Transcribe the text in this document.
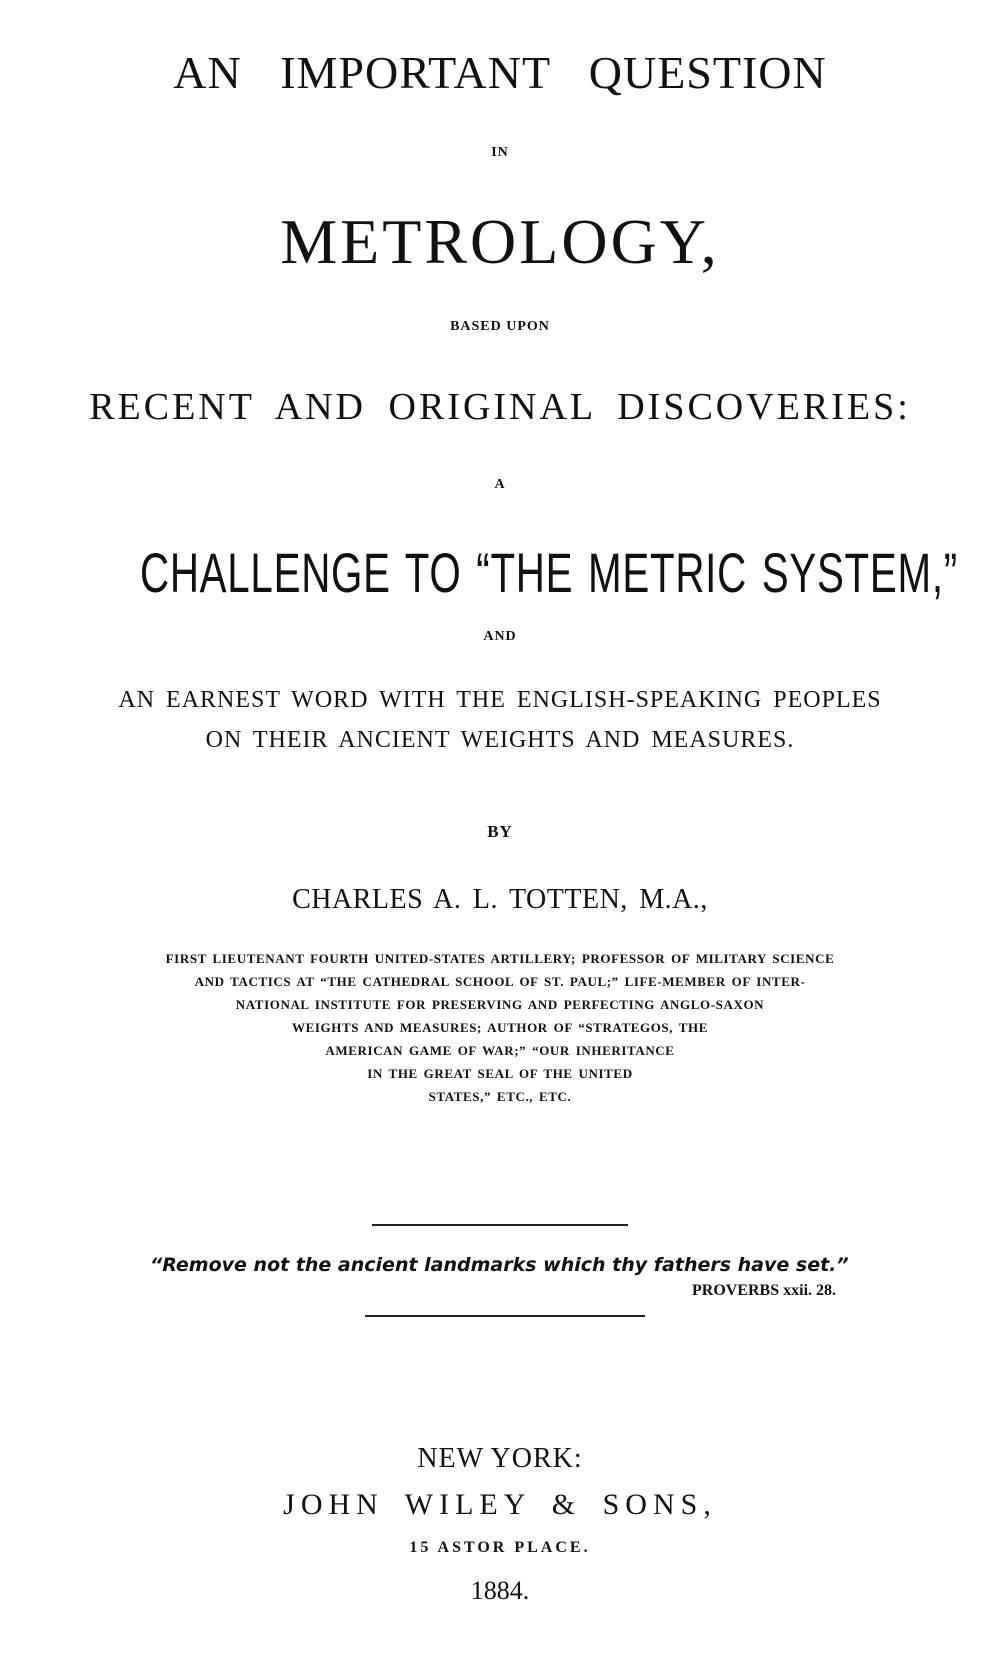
AN IMPORTANT QUESTION

IN

METROLOGY,

BASED UPON

RECENT AND ORIGINAL DISCOVERIES:

A

CHALLENGE TO “THE METRIC SYSTEM,”

AND

AN EARNEST WORD WITH THE ENGLISH-SPEAKING PEOPLES

ON THEIR ANCIENT WEIGHTS AND MEASURES.

BY

CHARLES A. L. TOTTEN, M.A.,

FIRST LIEUTENANT FOURTH UNITED-STATES ARTILLERY; PROFESSOR OF MILITARY SCIENCE

AND TACTICS AT “THE CATHEDRAL SCHOOL OF ST. PAUL;” LIFE-MEMBER OF INTER-

NATIONAL INSTITUTE FOR PRESERVING AND PERFECTING ANGLO-SAXON

WEIGHTS AND MEASURES; AUTHOR OF “STRATEGOS, THE

AMERICAN GAME OF WAR;” “OUR INHERITANCE

IN THE GREAT SEAL OF THE UNITED

STATES,” ETC., ETC.

“Remove not the ancient landmarks which thy fathers have set.”

PROVERBS xxii. 28.

NEW YORK:

JOHN WILEY & SONS,

15 ASTOR PLACE.

1884.
